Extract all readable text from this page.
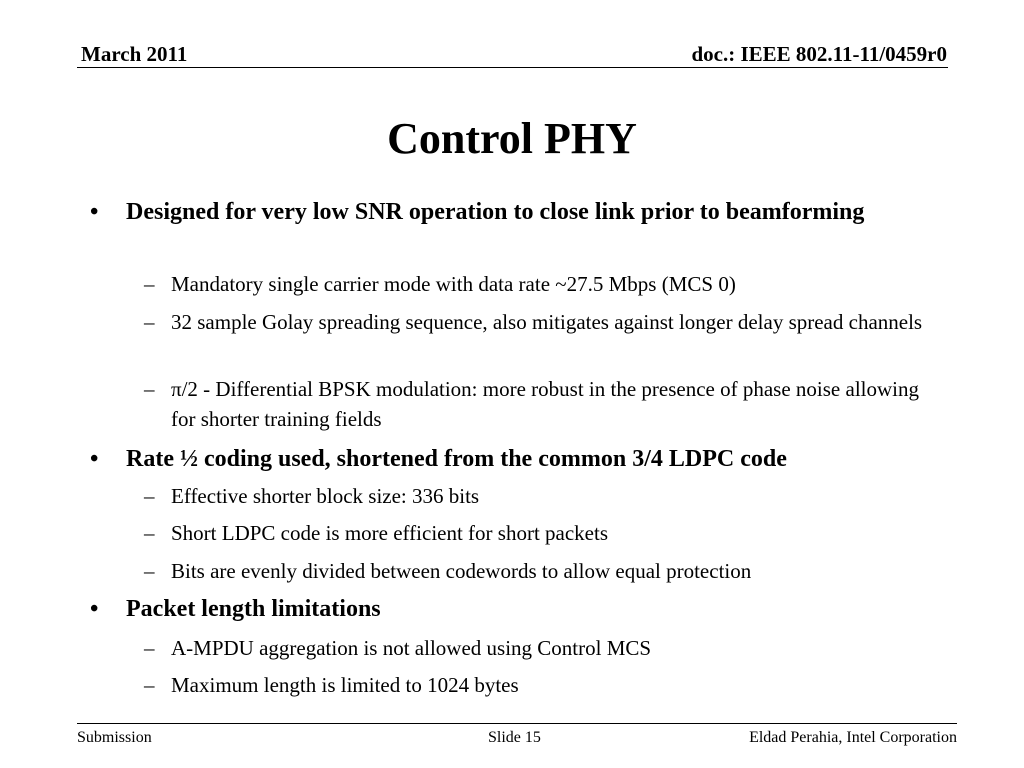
March 2011	doc.: IEEE 802.11-11/0459r0
Control PHY
• Designed for very low SNR operation to close link prior to beamforming
– Mandatory single carrier mode with data rate ~27.5 Mbps (MCS 0)
– 32 sample Golay spreading sequence, also mitigates against longer delay spread channels
– π/2 - Differential BPSK modulation: more robust in the presence of phase noise allowing for shorter training fields
• Rate ½ coding used, shortened from the common 3/4 LDPC code
– Effective shorter block size: 336 bits
– Short LDPC code is more efficient for short packets
– Bits are evenly divided between codewords to allow equal protection
• Packet length limitations
– A-MPDU aggregation is not allowed using Control MCS
– Maximum length is limited to 1024 bytes
Submission	Slide 15	Eldad Perahia, Intel Corporation
